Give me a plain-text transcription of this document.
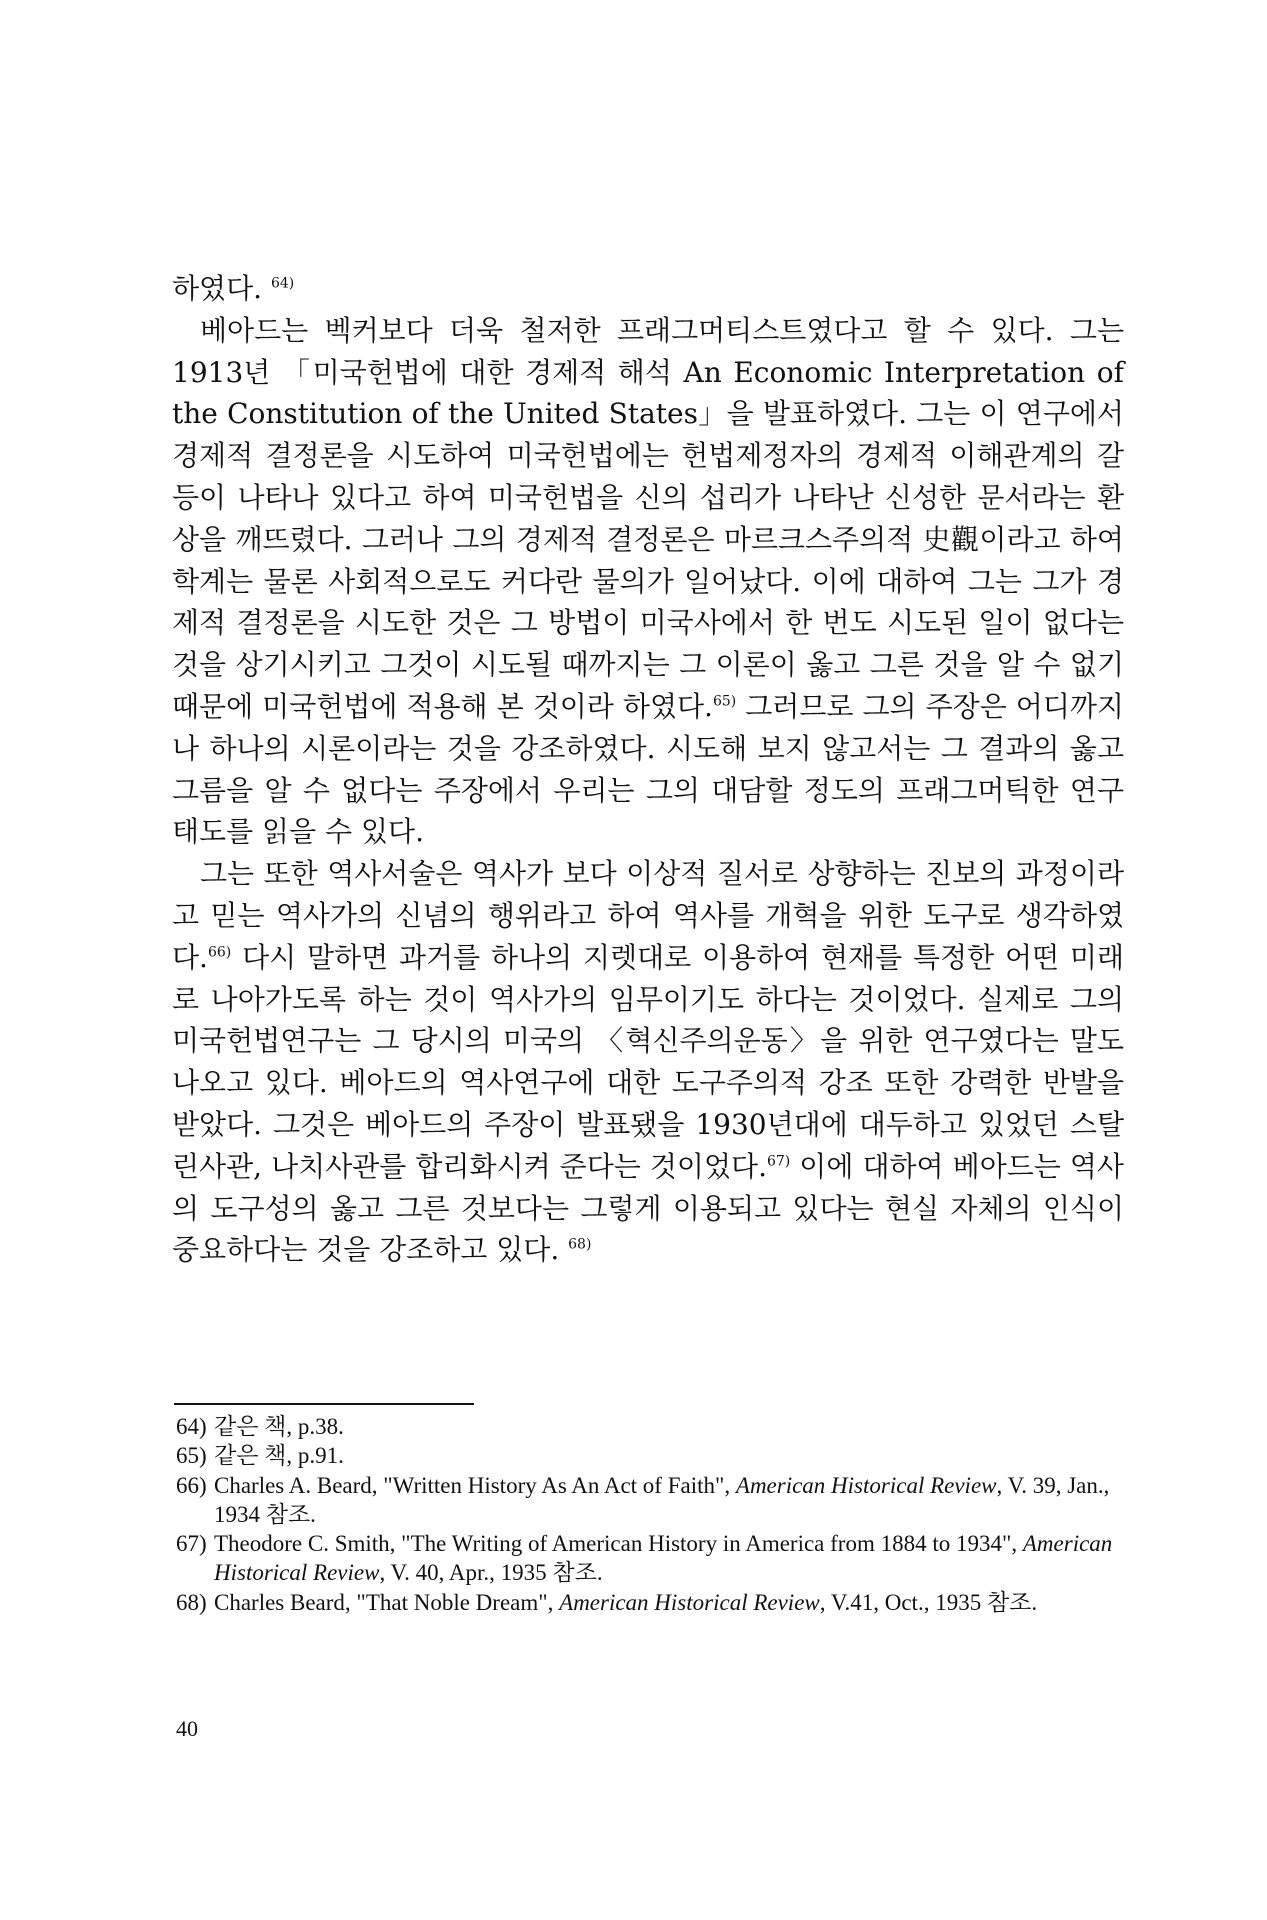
하였다. $^{64)}$

베아드는 벡커보다 더욱 철저한 프래그머티스트였다고 할 수 있다. 그는 1913년 「미국헌법에 대한 경제적 해석 An Economic Interpretation of the Constitution of the United States」을 발표하였다. 그는 이 연구에서 경제적 결정론을 시도하여 미국헌법에는 헌법제정자의 경제적 이해관계의 갈등이 나타나 있다고 하여 미국헌법을 신의 섭리가 나타난 신성한 문서라는 환상을 깨뜨렸다. 그러나 그의 경제적 결정론은 마르크스주의적 史觀이라고 하여 학계는 물론 사회적으로도 커다란 물의가 일어났다. 이에 대하여 그는 그가 경제적 결정론을 시도한 것은 그 방법이 미국사에서 한 번도 시도된 일이 없다는 것을 상기시키고 그것이 시도될 때까지는 그 이론이 옳고 그른 것을 알 수 없기 때문에 미국헌법에 적용해 본 것이라 하였다.$^{65)}$ 그러므로 그의 주장은 어디까지나 하나의 시론이라는 것을 강조하였다. 시도해 보지 않고서는 그 결과의 옳고 그름을 알 수 없다는 주장에서 우리는 그의 대담할 정도의 프래그머틱한 연구태도를 읽을 수 있다.

그는 또한 역사서술은 역사가 보다 이상적 질서로 상향하는 진보의 과정이라고 믿는 역사가의 신념의 행위라고 하여 역사를 개혁을 위한 도구로 생각하였다.$^{66)}$ 다시 말하면 과거를 하나의 지렛대로 이용하여 현재를 특정한 어떤 미래로 나아가도록 하는 것이 역사가의 임무이기도 하다는 것이었다. 실제로 그의 미국헌법연구는 그 당시의 미국의 〈혁신주의운동〉을 위한 연구였다는 말도 나오고 있다. 베아드의 역사연구에 대한 도구주의적 강조 또한 강력한 반발을 받았다. 그것은 베아드의 주장이 발표됐을 1930년대에 대두하고 있었던 스탈린사관, 나치사관를 합리화시켜 준다는 것이었다.$^{67)}$ 이에 대하여 베아드는 역사의 도구성의 옳고 그른 것보다는 그렇게 이용되고 있다는 현실 자체의 인식이 중요하다는 것을 강조하고 있다. $^{68)}$

64) 같은 책, p.38.
65) 같은 책, p.91.
66) Charles A. Beard, "Written History As An Act of Faith", American Historical Review, V. 39, Jan., 1934 참조.
67) Theodore C. Smith, "The Writing of American History in America from 1884 to 1934", American Historical Review, V. 40, Apr., 1935 참조.
68) Charles Beard, "That Noble Dream", American Historical Review, V.41, Oct., 1935 참조.
40
